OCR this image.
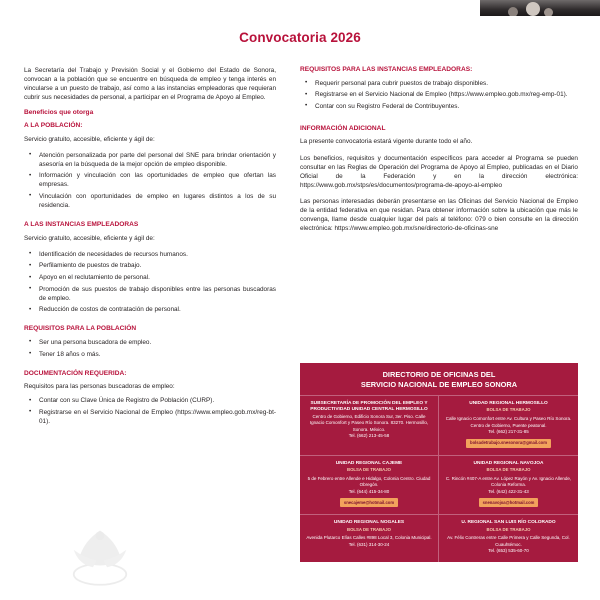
Convocatoria 2026

La Secretaría del Trabajo y Previsión Social y el Gobierno del Estado de Sonora, convocan a la población que se encuentre en búsqueda de empleo y tenga interés en vincularse a un puesto de trabajo, así como a las instancias empleadoras que requieran cubrir sus necesidades de personal, a participar en el Programa de Apoyo al Empleo.

Beneficios que otorga
A LA POBLACIÓN:

Servicio gratuito, accesible, eficiente y ágil de:

• Atención personalizada por parte del personal del SNE para brindar orientación y asesoría en la búsqueda de la mejor opción de empleo disponible.
• Información y vinculación con las oportunidades de empleo que ofertan las empresas.
• Vinculación con oportunidades de empleo en lugares distintos a los de su residencia.
A LAS INSTANCIAS EMPLEADORAS

Servicio gratuito, accesible, eficiente y ágil de:

• Identificación de necesidades de recursos humanos.
• Perfilamiento de puestos de trabajo.
• Apoyo en el reclutamiento de personal.
• Promoción de sus puestos de trabajo disponibles entre las personas buscadoras de empleo.
• Reducción de costos de contratación de personal.
REQUISITOS PARA LA POBLACIÓN
• Ser una persona buscadora de empleo.
• Tener 18 años o más.
DOCUMENTACIÓN REQUERIDA:

Requisitos para las personas buscadoras de empleo:

• Contar con su Clave Única de Registro de Población (CURP).
• Registrarse en el Servicio Nacional de Empleo (https://www.empleo.gob.mx/reg-bt-01).
REQUISITOS PARA LAS INSTANCIAS EMPLEADORAS:
• Requerir personal para cubrir puestos de trabajo disponibles.
• Registrarse en el Servicio Nacional de Empleo (https://www.empleo.gob.mx/reg-emp-01).
• Contar con su Registro Federal de Contribuyentes.
INFORMACIÓN ADICIONAL

La presente convocatoria estará vigente durante todo el año.

Los beneficios, requisitos y documentación específicos para acceder al Programa se pueden consultar en las Reglas de Operación del Programa de Apoyo al Empleo, publicadas en el Diario Oficial de la Federación y en la dirección electrónica: https://www.gob.mx/stps/es/documentos/programa-de-apoyo-al-empleo

Las personas interesadas deberán presentarse en las Oficinas del Servicio Nacional de Empleo de la entidad federativa en que residan. Para obtener información sobre la ubicación que más le convenga, llame desde cualquier lugar del país al teléfono: 079 o bien consulte en la dirección electrónica: https://www.empleo.gob.mx/sne/directorio-de-oficinas-sne

DIRECTORIO DE OFICINAS DEL
SERVICIO NACIONAL DE EMPLEO SONORA
SUBSECRETARÍA DE PROMOCIÓN DEL EMPLEO Y PRODUCTIVIDAD UNIDAD CENTRAL HERMOSILLO
Centro de Gobierno, Edificio Sonora Sur, 3er. Piso. Calle Ignacio Comonfort y Paseo Río Sonora. 83270. Hermosillo, Sonora. México.
Tel. (662) 213-45-58
UNIDAD REGIONAL HERMOSILLO
BOLSA DE TRABAJO
Calle Ignacio Comonfort entre Av. Cultura y Paseo Río Sonora. Centro de Gobierno, Puente peatonal.
Tel. (662) 217-31-85
bolsadetrabajo.snesonora@gmail.com
UNIDAD REGIONAL CAJEME
BOLSA DE TRABAJO
5 de Febrero entre Allende e Hidalgo, Colonia Centro. Ciudad Obregón.
Tel. (644) 415-34-80
snecajeme@hotmail.com
UNIDAD REGIONAL NAVOJOA
BOLSA DE TRABAJO
C. Rincón #407-A entre Av. López Rayón y Av. Ignacio Allende, Colonia Reforma.
Tel. (642) 422-31-43
snenavojoa@hotmail.com
UNIDAD REGIONAL NOGALES
BOLSA DE TRABAJO
Avenida Plutarco Elías Calles #898 Local 3, Colonia Municipal.
Tel. (631) 314-30-24
U. REGIONAL SAN LUIS RÍO COLORADO
BOLSA DE TRABAJO
Av. Félix Contreras entre Calle Primera y Calle Segunda, Col. Cuauhtémoc.
Tel. (653) 535-60-70
